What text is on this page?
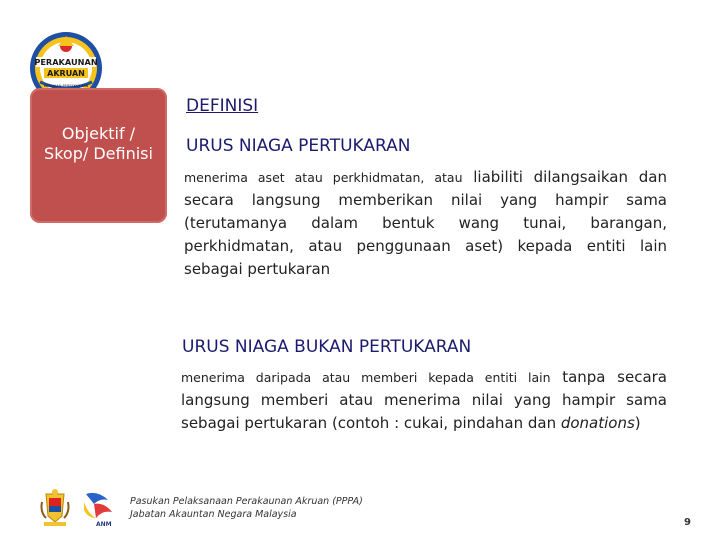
PERAKAUNAN
AKRUAN
KERAJAAN PERSEKUTUAN
Objektif / Skop/ Definisi
DEFINISI
URUS NIAGA PERTUKARAN
menerima aset atau perkhidmatan, atau liabiliti dilangsaikan dan secara langsung memberikan nilai yang hampir sama (terutamanya dalam bentuk wang tunai, barangan, perkhidmatan, atau penggunaan aset) kepada entiti lain sebagai pertukaran
URUS NIAGA BUKAN PERTUKARAN
menerima daripada atau memberi kepada entiti lain tanpa secara langsung memberi atau menerima nilai yang hampir sama sebagai pertukaran (contoh : cukai, pindahan dan donations)
ANM
Pasukan Pelaksanaan Perakaunan Akruan (PPPA)
Jabatan Akauntan Negara Malaysia
9
